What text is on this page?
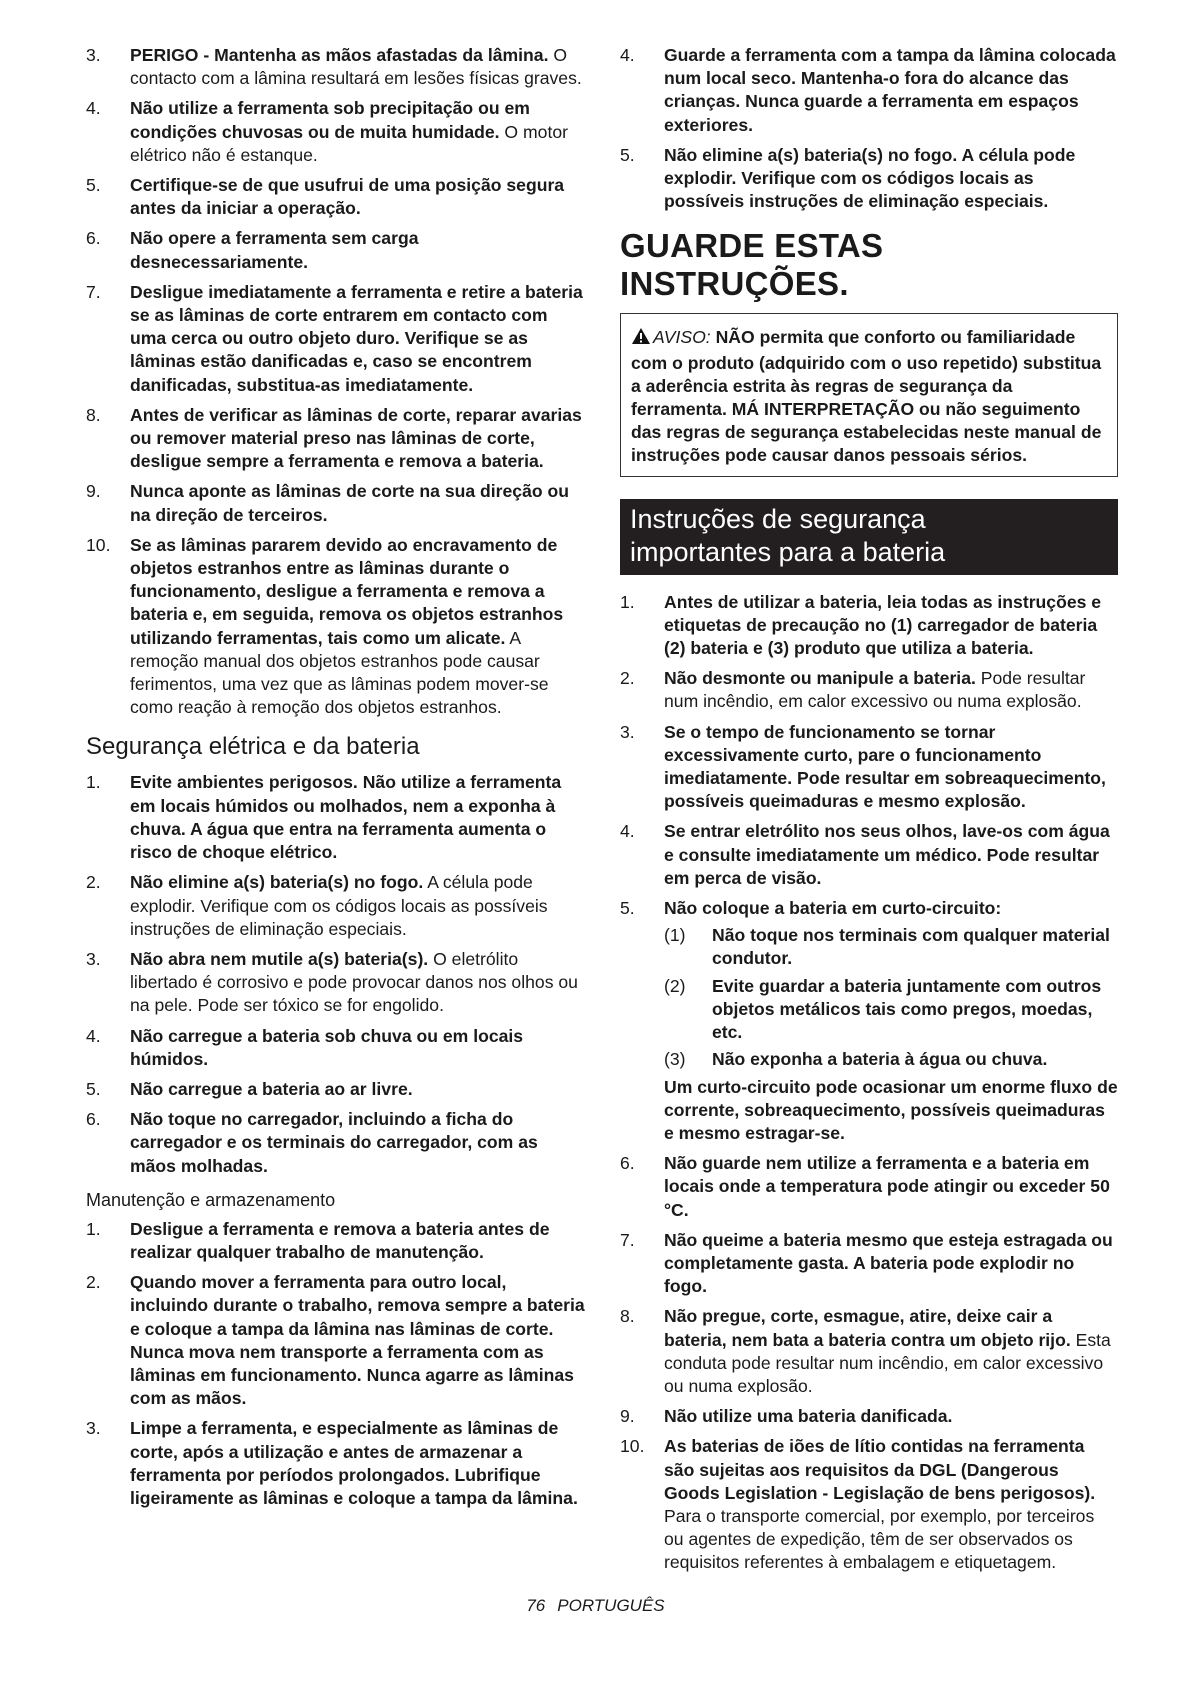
3. PERIGO - Mantenha as mãos afastadas da lâmina. O contacto com a lâmina resultará em lesões físicas graves.
4. Não utilize a ferramenta sob precipitação ou em condições chuvosas ou de muita humidade. O motor elétrico não é estanque.
5. Certifique-se de que usufrui de uma posição segura antes da iniciar a operação.
6. Não opere a ferramenta sem carga desnecessariamente.
7. Desligue imediatamente a ferramenta e retire a bateria se as lâminas de corte entrarem em contacto com uma cerca ou outro objeto duro. Verifique se as lâminas estão danificadas e, caso se encontrem danificadas, substitua-as imediatamente.
8. Antes de verificar as lâminas de corte, reparar avarias ou remover material preso nas lâminas de corte, desligue sempre a ferramenta e remova a bateria.
9. Nunca aponte as lâminas de corte na sua direção ou na direção de terceiros.
10. Se as lâminas pararem devido ao encravamento de objetos estranhos entre as lâminas durante o funcionamento, desligue a ferramenta e remova a bateria e, em seguida, remova os objetos estranhos utilizando ferramentas, tais como um alicate. A remoção manual dos objetos estranhos pode causar ferimentos, uma vez que as lâminas podem mover-se como reação à remoção dos objetos estranhos.
Segurança elétrica e da bateria
1. Evite ambientes perigosos. Não utilize a ferramenta em locais húmidos ou molhados, nem a exponha à chuva. A água que entra na ferramenta aumenta o risco de choque elétrico.
2. Não elimine a(s) bateria(s) no fogo. A célula pode explodir. Verifique com os códigos locais as possíveis instruções de eliminação especiais.
3. Não abra nem mutile a(s) bateria(s). O eletrólito libertado é corrosivo e pode provocar danos nos olhos ou na pele. Pode ser tóxico se for engolido.
4. Não carregue a bateria sob chuva ou em locais húmidos.
5. Não carregue a bateria ao ar livre.
6. Não toque no carregador, incluindo a ficha do carregador e os terminais do carregador, com as mãos molhadas.
Manutenção e armazenamento
1. Desligue a ferramenta e remova a bateria antes de realizar qualquer trabalho de manutenção.
2. Quando mover a ferramenta para outro local, incluindo durante o trabalho, remova sempre a bateria e coloque a tampa da lâmina nas lâminas de corte. Nunca mova nem transporte a ferramenta com as lâminas em funcionamento. Nunca agarre as lâminas com as mãos.
3. Limpe a ferramenta, e especialmente as lâminas de corte, após a utilização e antes de armazenar a ferramenta por períodos prolongados. Lubrifique ligeiramente as lâminas e coloque a tampa da lâmina.
4. Guarde a ferramenta com a tampa da lâmina colocada num local seco. Mantenha-o fora do alcance das crianças. Nunca guarde a ferramenta em espaços exteriores.
5. Não elimine a(s) bateria(s) no fogo. A célula pode explodir. Verifique com os códigos locais as possíveis instruções de eliminação especiais.
GUARDE ESTAS INSTRUÇÕES.
AVISO: NÃO permita que conforto ou familiaridade com o produto (adquirido com o uso repetido) substitua a aderência estrita às regras de segurança da ferramenta. MÁ INTERPRETAÇÃO ou não seguimento das regras de segurança estabelecidas neste manual de instruções pode causar danos pessoais sérios.
Instruções de segurança
importantes para a bateria
1. Antes de utilizar a bateria, leia todas as instruções e etiquetas de precaução no (1) carregador de bateria (2) bateria e (3) produto que utiliza a bateria.
2. Não desmonte ou manipule a bateria. Pode resultar num incêndio, em calor excessivo ou numa explosão.
3. Se o tempo de funcionamento se tornar excessivamente curto, pare o funcionamento imediatamente. Pode resultar em sobreaquecimento, possíveis queimaduras e mesmo explosão.
4. Se entrar eletrólito nos seus olhos, lave-os com água e consulte imediatamente um médico. Pode resultar em perca de visão.
5. Não coloque a bateria em curto-circuito:
(1) Não toque nos terminais com qualquer material condutor.
(2) Evite guardar a bateria juntamente com outros objetos metálicos tais como pregos, moedas, etc.
(3) Não exponha a bateria à água ou chuva.
Um curto-circuito pode ocasionar um enorme fluxo de corrente, sobreaquecimento, possíveis queimaduras e mesmo estragar-se.
6. Não guarde nem utilize a ferramenta e a bateria em locais onde a temperatura pode atingir ou exceder 50 °C.
7. Não queime a bateria mesmo que esteja estragada ou completamente gasta. A bateria pode explodir no fogo.
8. Não pregue, corte, esmague, atire, deixe cair a bateria, nem bata a bateria contra um objeto rijo. Esta conduta pode resultar num incêndio, em calor excessivo ou numa explosão.
9. Não utilize uma bateria danificada.
10. As baterias de iões de lítio contidas na ferramenta são sujeitas aos requisitos da DGL (Dangerous Goods Legislation - Legislação de bens perigosos).
Para o transporte comercial, por exemplo, por terceiros ou agentes de expedição, têm de ser observados os requisitos referentes à embalagem e etiquetagem.
76 PORTUGUÊS
